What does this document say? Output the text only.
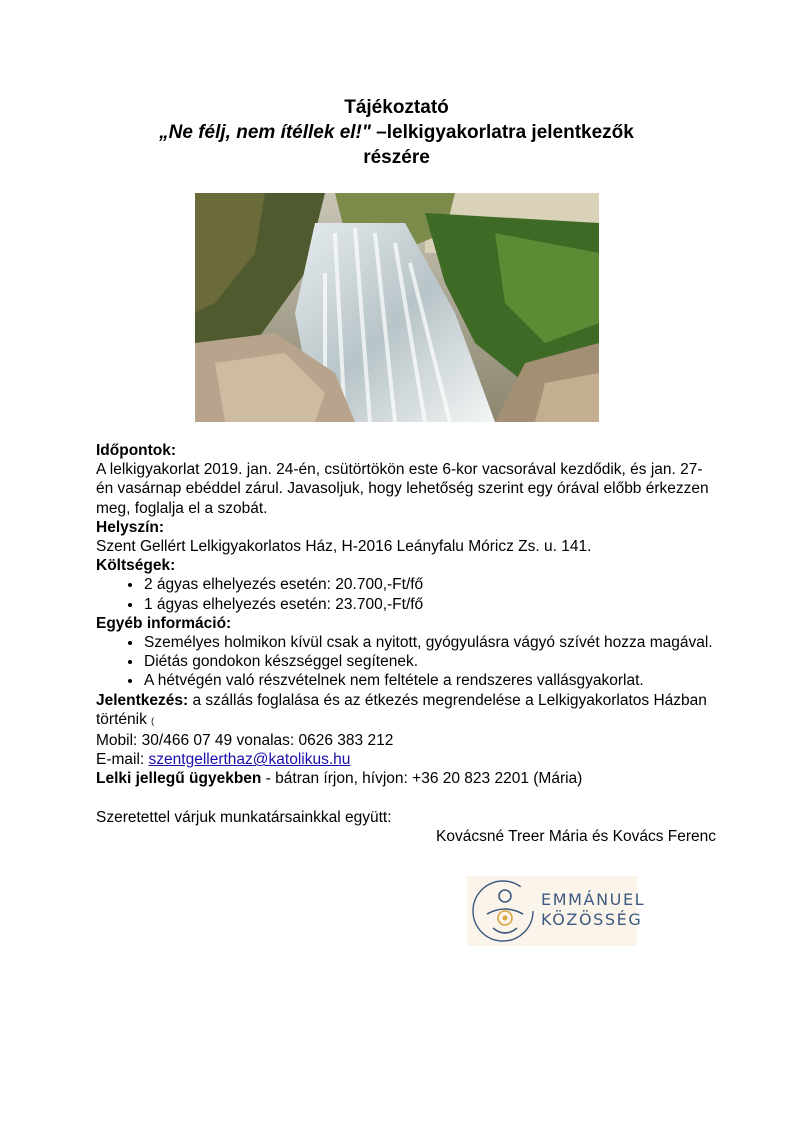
Tájékoztató
„Ne félj, nem ítéllek el!" –lelkigyakorlatra jelentkezők
részére

Időpontok:

A lelkigyakorlat 2019. jan. 24-én, csütörtökön este 6-kor vacsorával kezdődik, és jan. 27-én vasárnap ebéddel zárul. Javasoljuk, hogy lehetőség szerint egy órával előbb érkezzen meg, foglalja el a szobát.

Helyszín:

Szent Gellért Lelkigyakorlatos Ház, H-2016 Leányfalu Móricz Zs. u. 141.

Költségek:

• 2 ágyas elhelyezés esetén: 20.700,-Ft/fő
• 1 ágyas elhelyezés esetén: 23.700,-Ft/fő

Egyéb információ:

• Személyes holmikon kívül csak a nyitott, gyógyulásra vágyó szívét hozza magával.
• Diétás gondokon készséggel segítenek.
• A hétvégén való részvételnek nem feltétele a rendszeres vallásgyakorlat.

Jelentkezés: a szállás foglalása és az étkezés megrendelése a Lelkigyakorlatos Házban történik (

Mobil: 30/466 07 49 vonalas: 0626 383 212

E-mail: szentgellerthaz@katolikus.hu

Lelki jellegű ügyekben - bátran írjon, hívjon: +36 20 823 2201 (Mária)

Szeretettel várjuk munkatársainkkal együtt:

Kovácsné Treer Mária és Kovács Ferenc

EMMÁNUEL
KÖZÖSSÉG
